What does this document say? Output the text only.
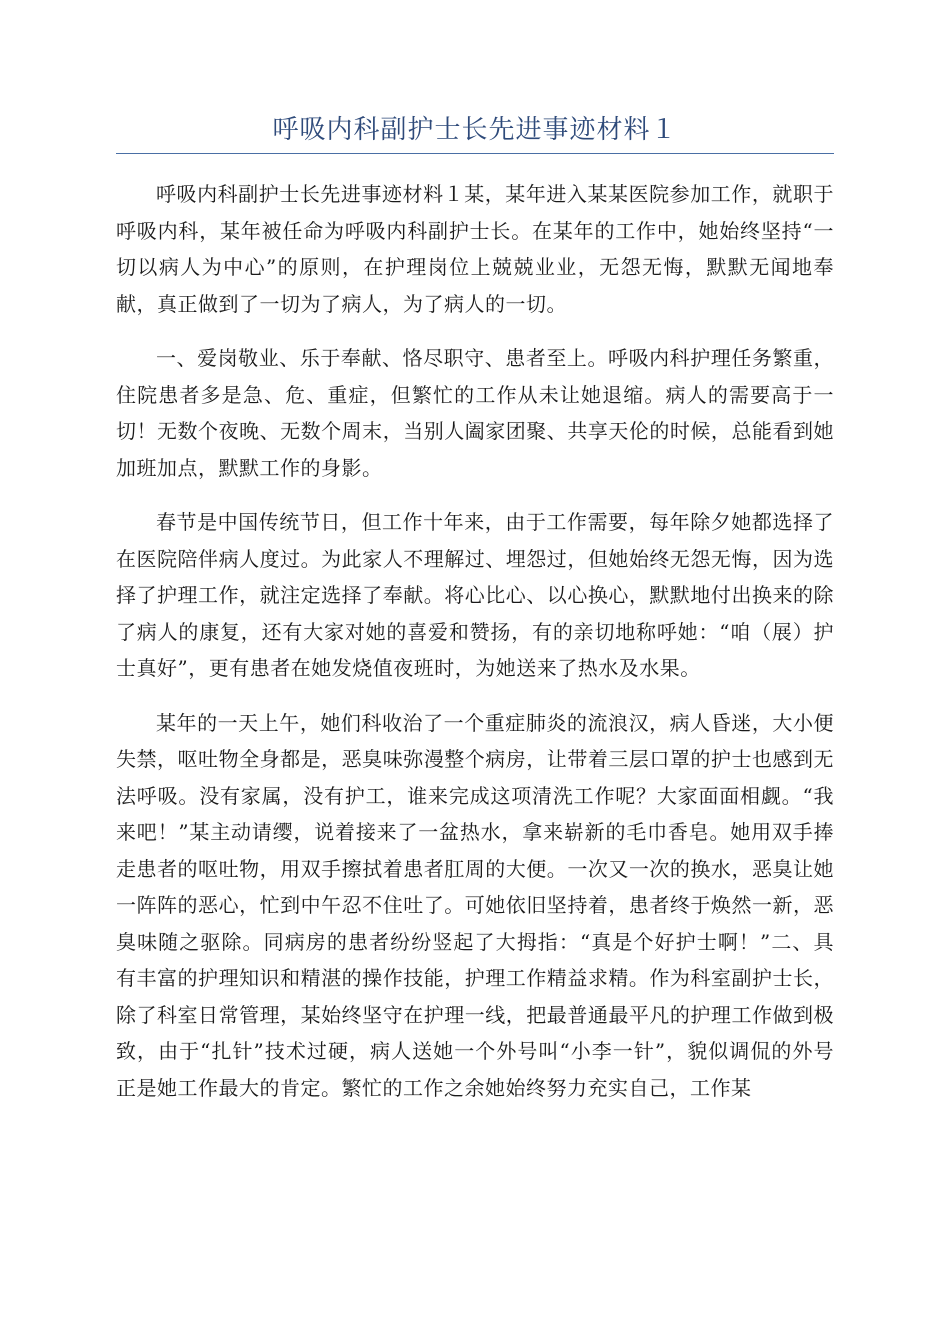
呼吸内科副护士长先进事迹材料１

呼吸内科副护士长先进事迹材料１某，某年进入某某医院参加工作，就职于呼吸内科，某年被任命为呼吸内科副护士长。在某年的工作中，她始终坚持“一切以病人为中心”的原则，在护理岗位上兢兢业业，无怨无悔，默默无闻地奉献，真正做到了一切为了病人，为了病人的一切。

一、爱岗敬业、乐于奉献、恪尽职守、患者至上。呼吸内科护理任务繁重，住院患者多是急、危、重症，但繁忙的工作从未让她退缩。病人的需要高于一切！无数个夜晚、无数个周末，当别人阖家团聚、共享天伦的时候，总能看到她加班加点，默默工作的身影。

春节是中国传统节日，但工作十年来，由于工作需要，每年除夕她都选择了在医院陪伴病人度过。为此家人不理解过、埋怨过，但她始终无怨无悔，因为选择了护理工作，就注定选择了奉献。将心比心、以心换心，默默地付出换来的除了病人的康复，还有大家对她的喜爱和赞扬，有的亲切地称呼她：“咱（展）护士真好”，更有患者在她发烧值夜班时，为她送来了热水及水果。

某年的一天上午，她们科收治了一个重症肺炎的流浪汉，病人昏迷，大小便失禁，呕吐物全身都是，恶臭味弥漫整个病房，让带着三层口罩的护士也感到无法呼吸。没有家属，没有护工，谁来完成这项清洗工作呢？大家面面相觑。“我来吧！”某主动请缨，说着接来了一盆热水，拿来崭新的毛巾香皂。她用双手捧走患者的呕吐物，用双手擦拭着患者肛周的大便。一次又一次的换水，恶臭让她一阵阵的恶心，忙到中午忍不住吐了。可她依旧坚持着，患者终于焕然一新，恶臭味随之驱除。同病房的患者纷纷竖起了大拇指：“真是个好护士啊！”二、具有丰富的护理知识和精湛的操作技能，护理工作精益求精。作为科室副护士长，除了科室日常管理，某始终坚守在护理一线，把最普通最平凡的护理工作做到极致，由于“扎针”技术过硬，病人送她一个外号叫“小李一针”，貌似调侃的外号正是她工作最大的肯定。繁忙的工作之余她始终努力充实自己，工作某
